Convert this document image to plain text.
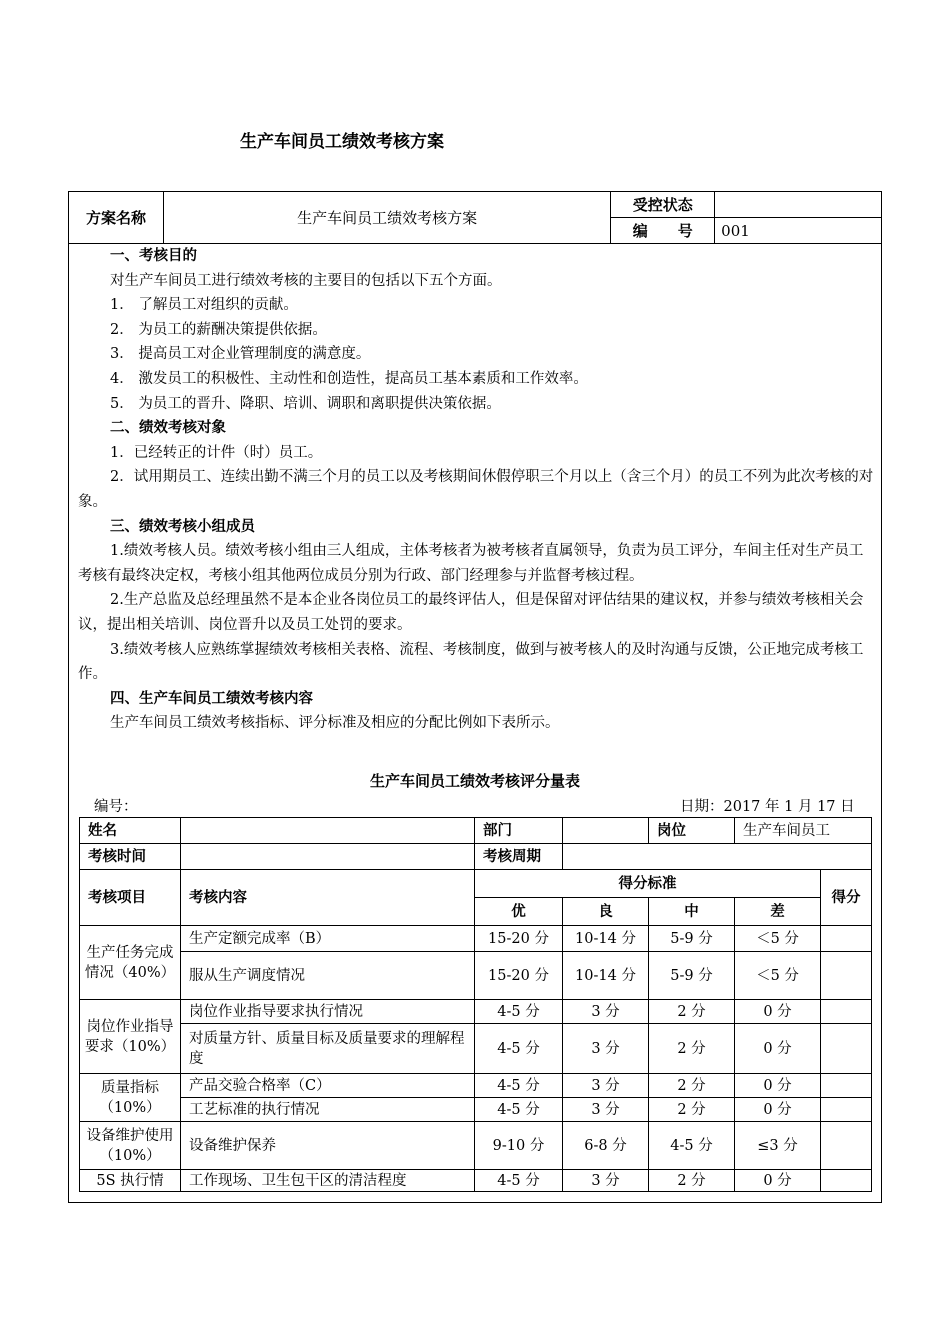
生产车间员工绩效考核方案
方案名称	生产车间员工绩效考核方案	受控状态	
		编　　号	001

一、考核目的

对生产车间员工进行绩效考核的主要目的包括以下五个方面。

1． 了解员工对组织的贡献。

2． 为员工的薪酬决策提供依据。

3． 提高员工对企业管理制度的满意度。

4． 激发员工的积极性、主动性和创造性，提高员工基本素质和工作效率。

5． 为员工的晋升、降职、培训、调职和离职提供决策依据。

二、绩效考核对象

1．已经转正的计件（时）员工。

2．试用期员工、连续出勤不满三个月的员工以及考核期间休假停职三个月以上（含三个月）的员工不列为此次考核的对象。

三、绩效考核小组成员

1.绩效考核人员。绩效考核小组由三人组成，主体考核者为被考核者直属领导，负责为员工评分，车间主任对生产员工考核有最终决定权，考核小组其他两位成员分别为行政、部门经理参与并监督考核过程。

2.生产总监及总经理虽然不是本企业各岗位员工的最终评估人，但是保留对评估结果的建议权，并参与绩效考核相关会议，提出相关培训、岗位晋升以及员工处罚的要求。

3.绩效考核人应熟练掌握绩效考核相关表格、流程、考核制度，做到与被考核人的及时沟通与反馈，公正地完成考核工作。

四、生产车间员工绩效考核内容

生产车间员工绩效考核指标、评分标准及相应的分配比例如下表所示。

生产车间员工绩效考核评分量表
编号：	日期：2017 年 1 月 17 日
姓名		部门		岗位	生产车间员工	
考核时间		考核周期				
考核项目	考核内容	得分标准				得分
		优	良	中	差	
生产任务完成情况（40%）	生产定额完成率（B）	15-20 分	10-14 分	5-9 分	＜5 分	
	服从生产调度情况	15-20 分	10-14 分	5-9 分	＜5 分	
岗位作业指导要求（10%）	岗位作业指导要求执行情况	4-5 分	3 分	2 分	0 分	
	对质量方针、质量目标及质量要求的理解程度	4-5 分	3 分	2 分	0 分	
质量指标（10%）	产品交验合格率（C）	4-5 分	3 分	2 分	0 分	
	工艺标准的执行情况	4-5 分	3 分	2 分	0 分	
设备维护使用（10%）	设备维护保养	9-10 分	6-8 分	4-5 分	≤3 分	
5S 执行情	工作现场、卫生包干区的清洁程度	4-5 分	3 分	2 分	0 分	
